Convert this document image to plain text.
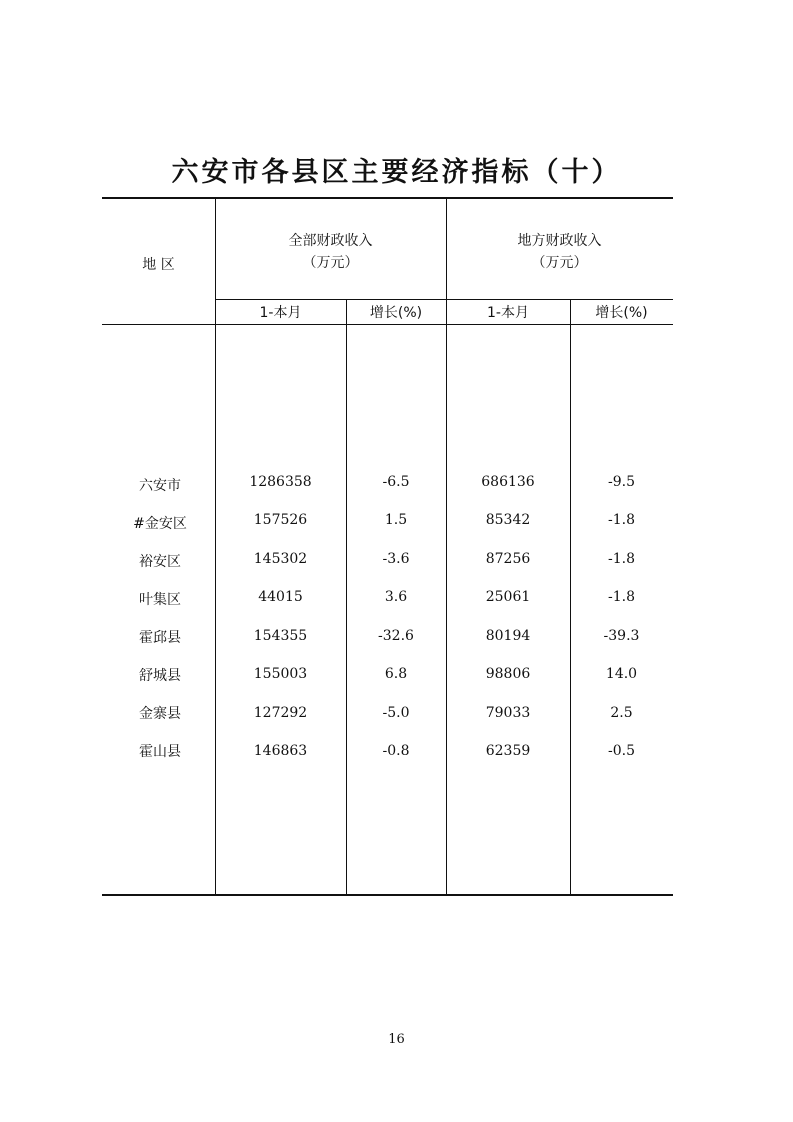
六安市各县区主要经济指标（十）
地 区
全部财政收入
（万元）
地方财政收入
（万元）
1-本月	增长(%)	1-本月	增长(%)
六安市	1286358	-6.5	686136	-9.5
#金安区	157526	1.5	85342	-1.8
裕安区	145302	-3.6	87256	-1.8
叶集区	44015	3.6	25061	-1.8
霍邱县	154355	-32.6	80194	-39.3
舒城县	155003	6.8	98806	14.0
金寨县	127292	-5.0	79033	2.5
霍山县	146863	-0.8	62359	-0.5
16
